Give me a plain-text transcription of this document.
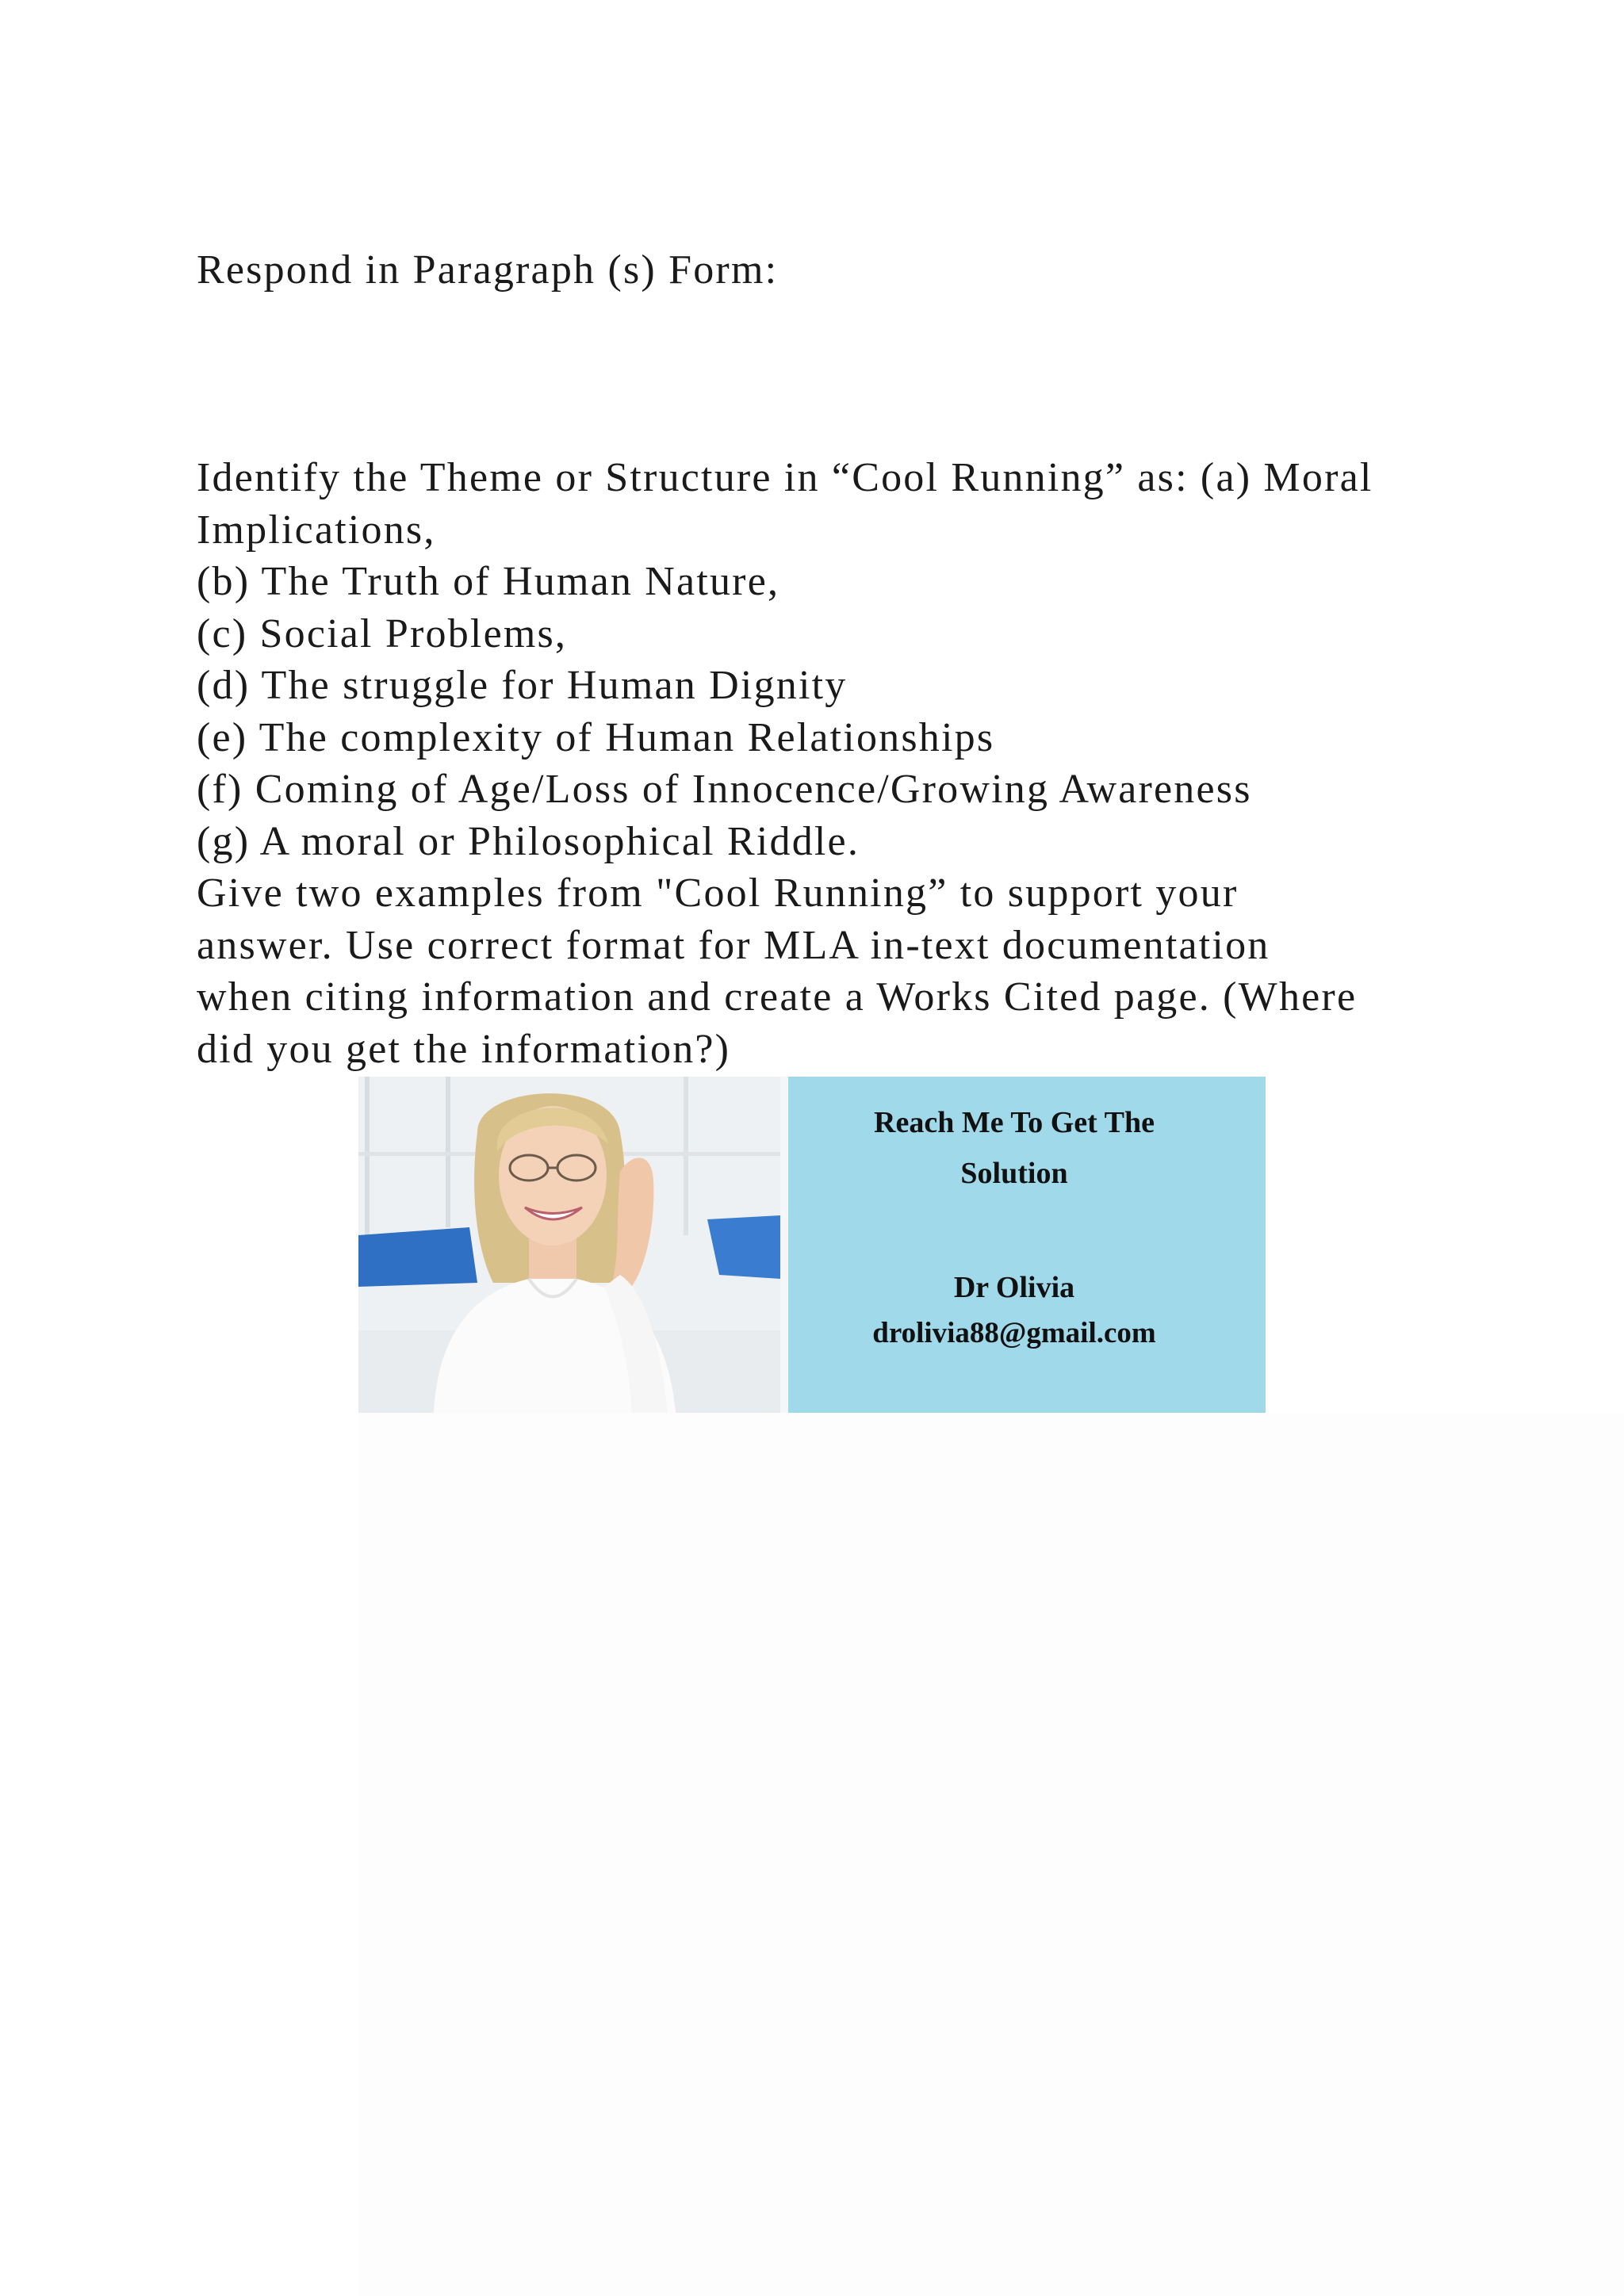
Respond in Paragraph (s) Form:
Identify the Theme or Structure in “Cool Running” as: (a) Moral
Implications,
(b) The Truth of Human Nature,
(c) Social Problems,
(d) The struggle for Human Dignity
(e) The complexity of Human Relationships
(f) Coming of Age/Loss of Innocence/Growing Awareness
(g) A moral or Philosophical Riddle.
Give two examples from "Cool Running” to support your
answer. Use correct format for MLA in-text documentation
when citing information and create a Works Cited page. (Where
did you get the information?)
Reach Me To Get The
Solution
Dr Olivia
drolivia88@gmail.com
